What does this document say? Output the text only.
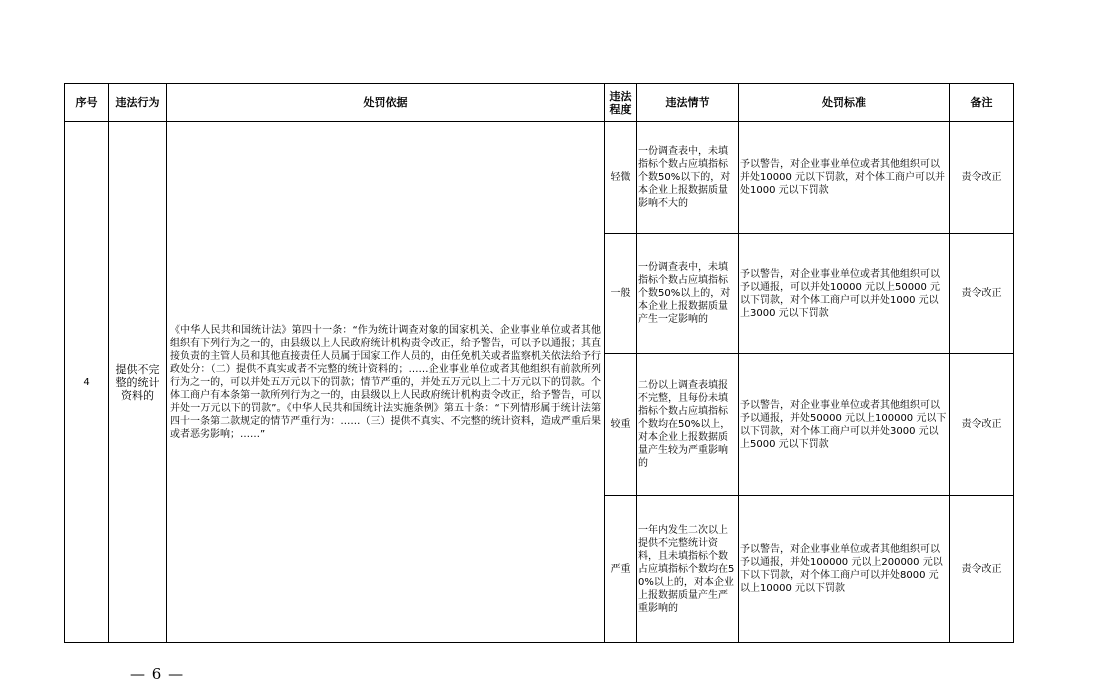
序号	违法行为	处罚依据	违法程度	违法情节	处罚标准	备注
4	提供不完整的统计资料的	《中华人民共和国统计法》第四十一条：“作为统计调查对象的国家机关、企业事业单位或者其他组织有下列行为之一的，由县级以上人民政府统计机构责令改正，给予警告，可以予以通报；其直接负责的主管人员和其他直接责任人员属于国家工作人员的，由任免机关或者监察机关依法给予行政处分：（二）提供不真实或者不完整的统计资料的；……企业事业单位或者其他组织有前款所列行为之一的，可以并处五万元以下的罚款；情节严重的，并处五万元以上二十万元以下的罚款。个体工商户有本条第一款所列行为之一的，由县级以上人民政府统计机构责令改正，给予警告，可以并处一万元以下的罚款”。《中华人民共和国统计法实施条例》第五十条：“下列情形属于统计法第四十一条第二款规定的情节严重行为：……（三）提供不真实、不完整的统计资料，造成严重后果或者恶劣影响；……”	轻微	一份调查表中，未填指标个数占应填指标个数50%以下的，对本企业上报数据质量影响不大的	予以警告，对企业事业单位或者其他组织可以并处10000 元以下罚款，对个体工商户可以并处1000 元以下罚款	责令改正
			一般	一份调查表中，未填指标个数占应填指标个数50%以上的，对本企业上报数据质量产生一定影响的	予以警告，对企业事业单位或者其他组织可以予以通报，可以并处10000 元以上50000 元以下罚款，对个体工商户可以并处1000 元以上3000 元以下罚款	责令改正
			较重	二份以上调查表填报不完整，且每份未填指标个数占应填指标个数均在50%以上，对本企业上报数据质量产生较为严重影响的	予以警告，对企业事业单位或者其他组织可以予以通报，并处50000 元以上100000 元以下以下罚款，对个体工商户可以并处3000 元以上5000 元以下罚款	责令改正
			严重	一年内发生二次以上提供不完整统计资料，且未填指标个数占应填指标个数均在50%以上的，对本企业上报数据质量产生严重影响的	予以警告，对企业事业单位或者其他组织可以予以通报，并处100000 元以上200000 元以下以下罚款，对个体工商户可以并处8000 元以上10000 元以下罚款	责令改正
— 6 —
